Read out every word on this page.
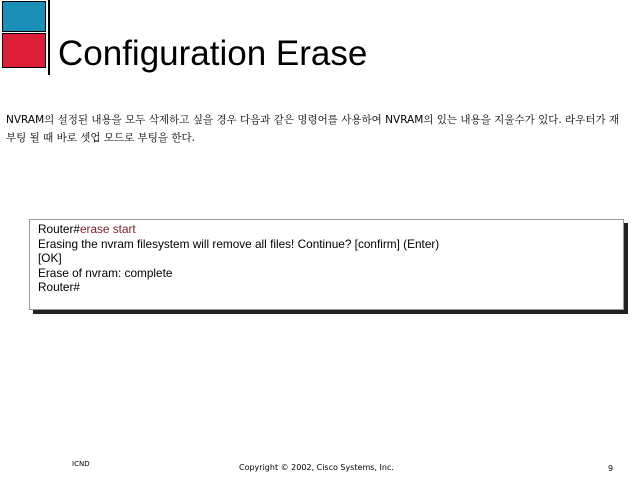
Configuration Erase

NVRAM의 설정된 내용을 모두 삭제하고 싶을 경우 다음과 같은 명령어를 사용하여 NVRAM의 있는 내용을 지울수가 있다. 라우터가 재 부팅 될 때 바로 셋업 모드로 부팅을 한다.

Router#erase start
Erasing the nvram filesystem will remove all files! Continue? [confirm] (Enter)
[OK]
Erase of nvram: complete
Router#
ICND	Copyright © 2002, Cisco Systems, Inc.	9
